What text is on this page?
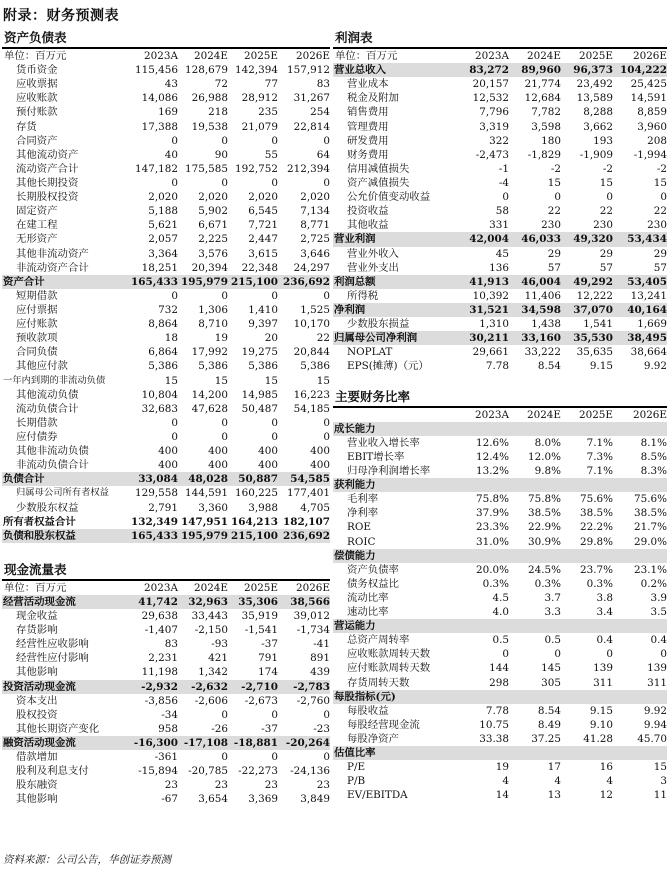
附录：财务预测表
资产负债表
单位：百万元	2023A	2024E	2025E	2026E
货币资金	115,456 128,679 142,394 157,912
应收票据	43	72	77	83
应收账款	14,086	26,988	28,912	31,267
预付账款	169	218	235	254
存货	17,388	19,538	21,079	22,814
合同资产	0	0	0	0
其他流动资产	40	90	55	64
流动资产合计	147,182 175,585 192,752 212,394
其他长期投资	0	0	0	0
长期股权投资	2,020	2,020	2,020	2,020
固定资产	5,188	5,902	6,545	7,134
在建工程	5,621	6,671	7,721	8,771
无形资产	2,057	2,225	2,447	2,725
其他非流动资产	3,364	3,576	3,615	3,646
非流动资产合计	18,251	20,394	22,348	24,297
资产合计	165,433 195,979 215,100 236,692
短期借款	0	0	0	0
应付票据	732	1,306	1,410	1,525
应付账款	8,864	8,710	9,397	10,170
预收款项	18	19	20	22
合同负债	6,864	17,992	19,275	20,844
其他应付款	5,386	5,386	5,386	5,386
一年内到期的非流动负债	15	15	15	15
其他流动负债	10,804	14,200	14,985	16,223
流动负债合计	32,683	47,628	50,487	54,185
长期借款	0	0	0	0
应付债券	0	0	0	0
其他非流动负债	400	400	400	400
非流动负债合计	400	400	400	400
负债合计	33,084 48,028 50,887	54,585
归属母公司所有者权益	129,558 144,591 160,225 177,401
少数股东权益	2,791	3,360	3,988	4,705
所有者权益合计	132,349 147,951 164,213 182,107
负债和股东权益	165,433 195,979 215,100 236,692
现金流量表
单位：百万元	2023A	2024E	2025E	2026E
经营活动现金流	41,742 32,963 35,306	38,566
现金收益	29,638	33,443	35,919	39,012
存货影响	-1,407	-2,150	-1,541	-1,734
经营性应收影响	83	-93	-37	-41
经营性应付影响	2,231	421	791	891
其他影响	11,198	1,342	174	439
投资活动现金流	-2,932	-2,632	-2,710	-2,783
资本支出	-3,856	-2,606	-2,673	-2,760
股权投资	-34	0	0	0
其他长期资产变化	958	-26	-37	-23
融资活动现金流	-16,300 -17,108 -18,881 -20,264
借款增加	-361	0	0	0
股利及利息支付	-15,894 -20,785 -22,273	-24,136
股东融资	23	23	23	23
其他影响	-67	3,654	3,369	3,849
利润表
单位：百万元	2023A	2024E	2025E	2026E
营业总收入	83,272	89,960	96,373 104,222
营业成本	20,157	21,774	23,492	25,425
税金及附加	12,532	12,684	13,589	14,591
销售费用	7,796	7,782	8,288	8,859
管理费用	3,319	3,598	3,662	3,960
研发费用	322	180	193	208
财务费用	-2,473	-1,829	-1,909	-1,994
信用减值损失	-1	-2	-2	-2
资产减值损失	-4	15	15	15
公允价值变动收益	0	0	0	0
投资收益	58	22	22	22
其他收益	331	230	230	230
营业利润	42,004	46,033	49,320	53,434
营业外收入	45	29	29	29
营业外支出	136	57	57	57
利润总额	41,913	46,004	49,292	53,405
所得税	10,392	11,406	12,222	13,241
净利润	31,521	34,598	37,070	40,164
少数股东损益	1,310	1,438	1,541	1,669
归属母公司净利润	30,211	33,160	35,530	38,495
NOPLAT	29,661	33,222	35,635	38,664
EPS(摊薄)（元）	7.78	8.54	9.15	9.92
主要财务比率
2023A	2024E	2025E	2026E
成长能力
营业收入增长率	12.6%	8.0%	7.1%	8.1%
EBIT增长率	12.4%	12.0%	7.3%	8.5%
归母净利润增长率	13.2%	9.8%	7.1%	8.3%
获利能力
毛利率	75.8%	75.8%	75.6%	75.6%
净利率	37.9%	38.5%	38.5%	38.5%
ROE	23.3%	22.9%	22.2%	21.7%
ROIC	31.0%	30.9%	29.8%	29.0%
偿债能力
资产负债率	20.0%	24.5%	23.7%	23.1%
债务权益比	0.3%	0.3%	0.3%	0.2%
流动比率	4.5	3.7	3.8	3.9
速动比率	4.0	3.3	3.4	3.5
营运能力
总资产周转率	0.5	0.5	0.4	0.4
应收账款周转天数	0	0	0	0
应付账款周转天数	144	145	139	139
存货周转天数	298	305	311	311
每股指标(元)
每股收益	7.78	8.54	9.15	9.92
每股经营现金流	10.75	8.49	9.10	9.94
每股净资产	33.38	37.25	41.28	45.70
估值比率
P/E	19	17	16	15
P/B	4	4	4	3
EV/EBITDA	14	13	12	11
资料来源：公司公告，华创证券预测
